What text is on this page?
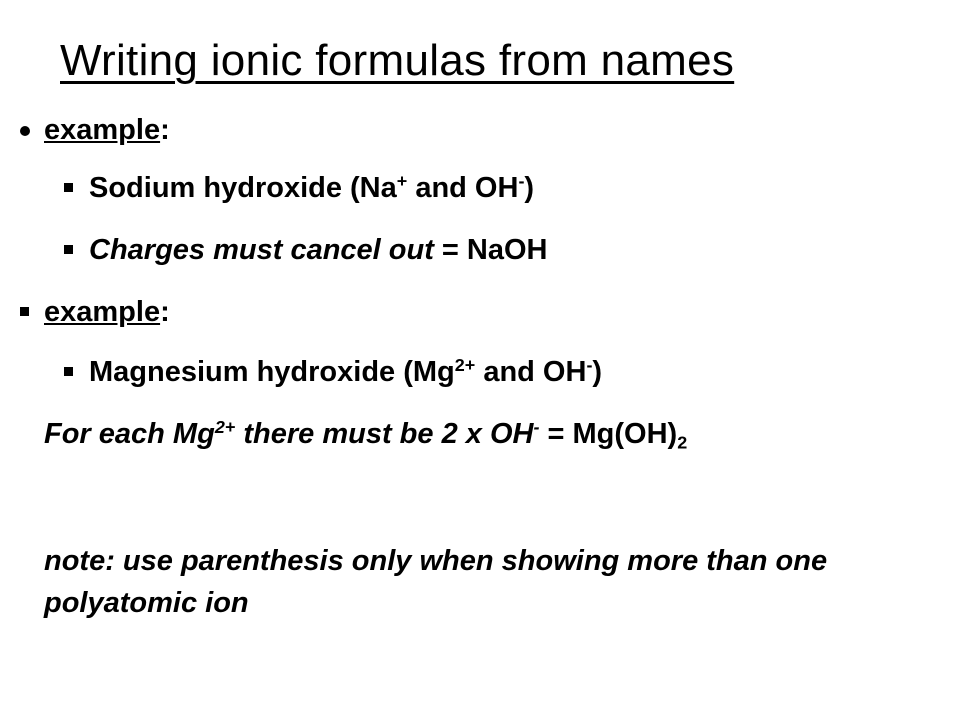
Writing ionic formulas from names
example:
Sodium hydroxide (Na+ and OH-)
Charges must cancel out = NaOH
example:
Magnesium hydroxide ($Mg^{2+}$ and OH-)
For each $Mg^{2+}$ there must be 2 x $OH^- = Mg(OH)_2$
note: use parenthesis only when showing more than one polyatomic ion
